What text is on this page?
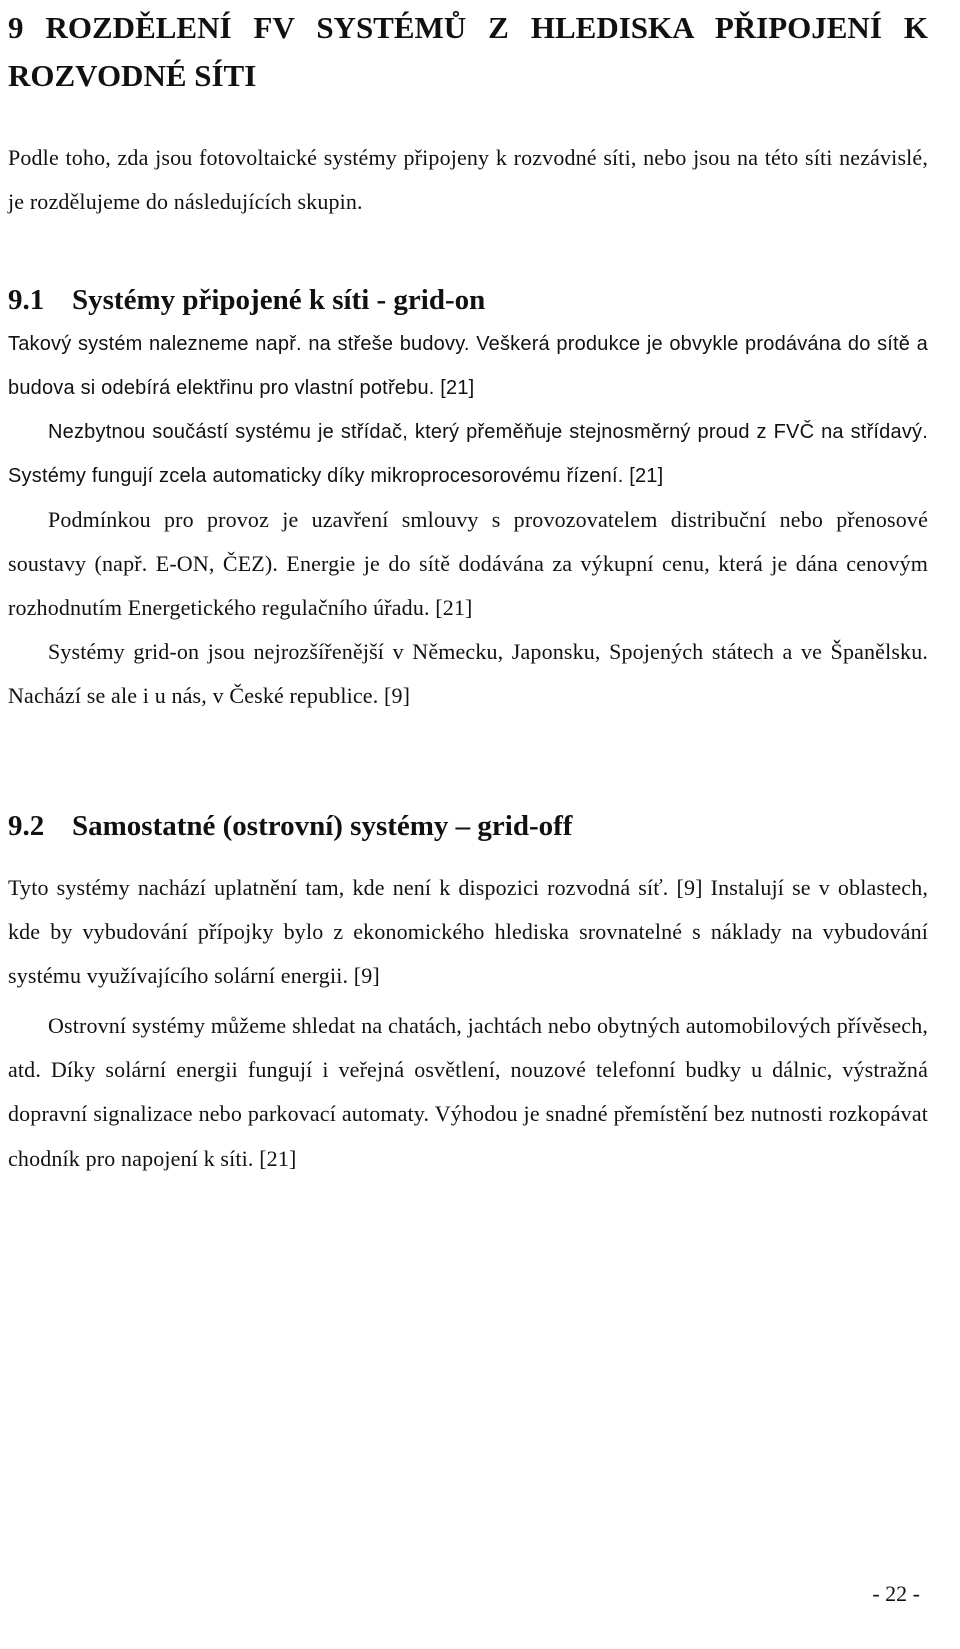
9 ROZDĚLENÍ FV SYSTÉMŮ Z HLEDISKA PŘIPOJENÍ K ROZVODNÉ SÍTI

Podle toho, zda jsou fotovoltaické systémy připojeny k rozvodné síti, nebo jsou na této síti nezávislé, je rozdělujeme do následujících skupin.

9.1 Systémy připojené k síti - grid-on

Takový systém nalezneme např. na střeše budovy. Veškerá produkce je obvykle prodávána do sítě a budova si odebírá elektřinu pro vlastní potřebu. [21]

Nezbytnou součástí systému je střídač, který přeměňuje stejnosměrný proud z FVČ na střídavý. Systémy fungují zcela automaticky díky mikroprocesorovému řízení. [21]

Podmínkou pro provoz je uzavření smlouvy s provozovatelem distribuční nebo přenosové soustavy (např. E-ON, ČEZ). Energie je do sítě dodávána za výkupní cenu, která je dána cenovým rozhodnutím Energetického regulačního úřadu. [21]

Systémy grid-on jsou nejrozšířenější v Německu, Japonsku, Spojených státech a ve Španělsku. Nachází se ale i u nás, v České republice. [9]

9.2 Samostatné (ostrovní) systémy – grid-off

Tyto systémy nachází uplatnění tam, kde není k dispozici rozvodná síť. [9] Instalují se v oblastech, kde by vybudování přípojky bylo z ekonomického hlediska srovnatelné s náklady na vybudování systému využívajícího solární energii. [9]

Ostrovní systémy můžeme shledat na chatách, jachtách nebo obytných automobilových přívěsech, atd. Díky solární energii fungují i veřejná osvětlení, nouzové telefonní budky u dálnic, výstražná dopravní signalizace nebo parkovací automaty. Výhodou je snadné přemístění bez nutnosti rozkopávat chodník pro napojení k síti. [21]

- 22 -
